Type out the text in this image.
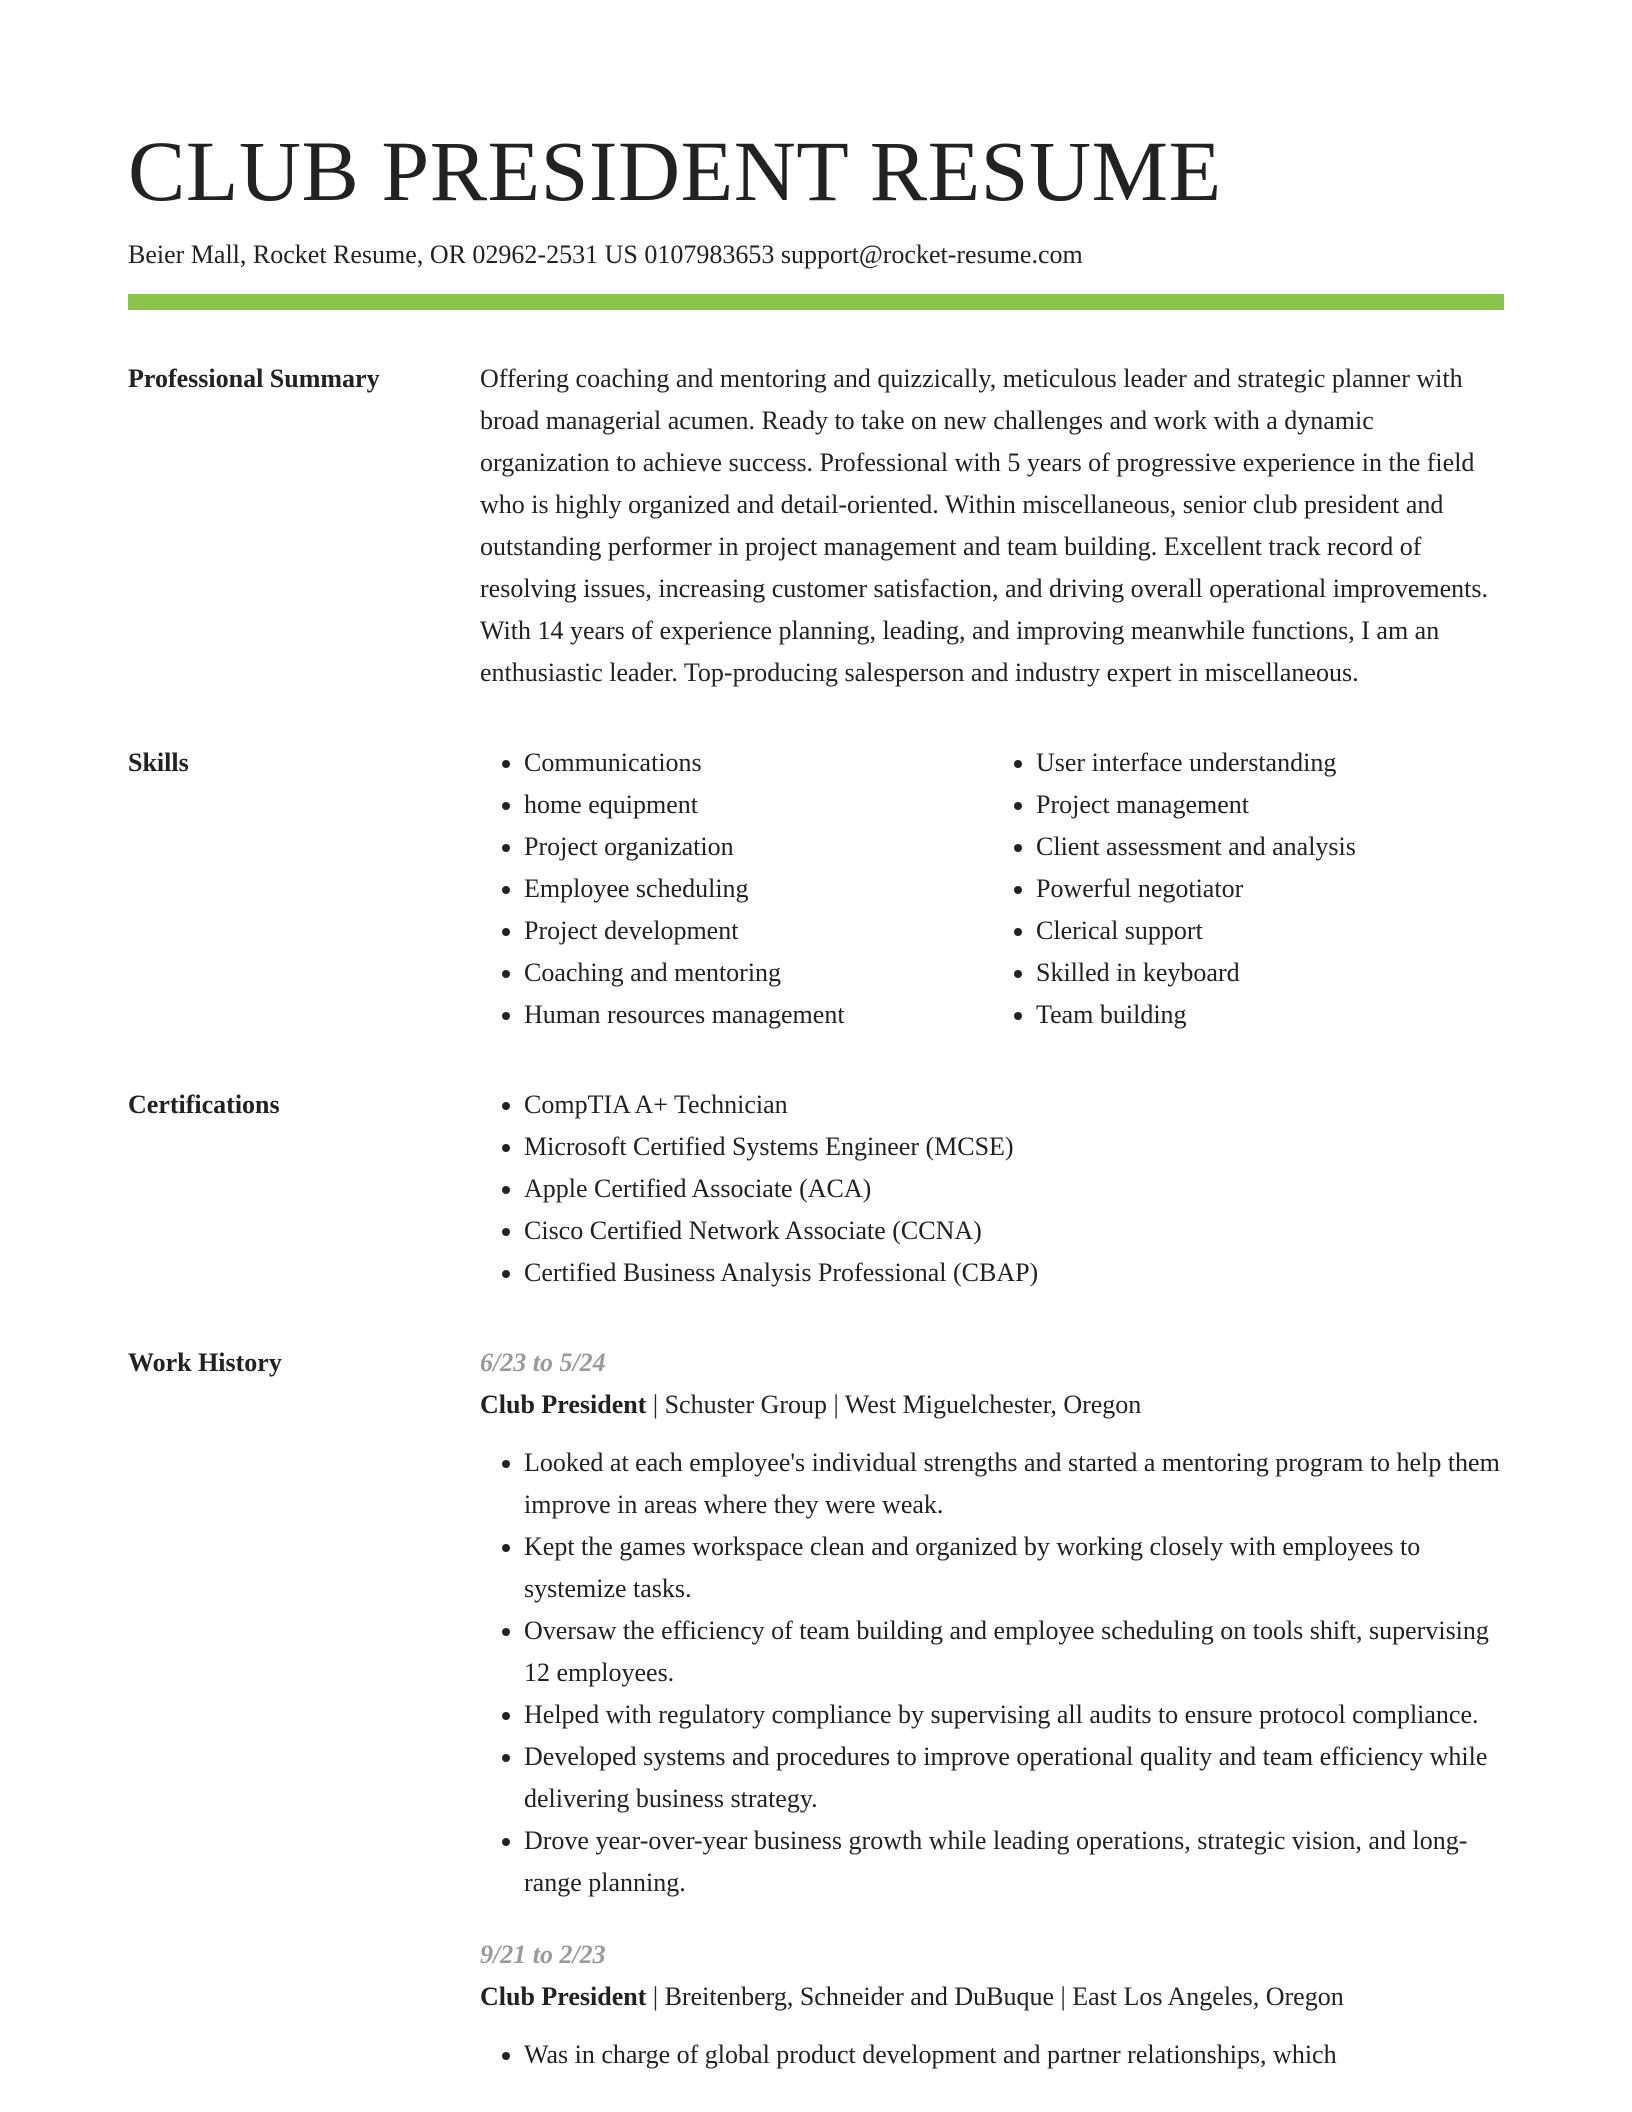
CLUB PRESIDENT RESUME
Beier Mall, Rocket Resume, OR 02962-2531 US 0107983653 support@rocket-resume.com
Professional Summary	Offering coaching and mentoring and quizzically, meticulous leader and strategic planner with broad managerial acumen. Ready to take on new challenges and work with a dynamic organization to achieve success. Professional with 5 years of progressive experience in the field who is highly organized and detail-oriented. Within miscellaneous, senior club president and outstanding performer in project management and team building. Excellent track record of resolving issues, increasing customer satisfaction, and driving overall operational improvements. With 14 years of experience planning, leading, and improving meanwhile functions, I am an enthusiastic leader. Top-producing salesperson and industry expert in miscellaneous.

Skills	• Communications
• home equipment
• Project organization
• Employee scheduling
• Project development
• Coaching and mentoring
• Human resources management
• User interface understanding
• Project management
• Client assessment and analysis
• Powerful negotiator
• Clerical support
• Skilled in keyboard
• Team building
Certifications	• CompTIA A+ Technician
• Microsoft Certified Systems Engineer (MCSE)
• Apple Certified Associate (ACA)
• Cisco Certified Network Associate (CCNA)
• Certified Business Analysis Professional (CBAP)
Work History	6/23 to 5/24
Club President | Schuster Group | West Miguelchester, Oregon
• Looked at each employee's individual strengths and started a mentoring program to help them improve in areas where they were weak.
• Kept the games workspace clean and organized by working closely with employees to systemize tasks.
• Oversaw the efficiency of team building and employee scheduling on tools shift, supervising 12 employees.
• Helped with regulatory compliance by supervising all audits to ensure protocol compliance.
• Developed systems and procedures to improve operational quality and team efficiency while delivering business strategy.
• Drove year-over-year business growth while leading operations, strategic vision, and long-range planning.
9/21 to 2/23
Club President | Breitenberg, Schneider and DuBuque | East Los Angeles, Oregon
• Was in charge of global product development and partner relationships, which
